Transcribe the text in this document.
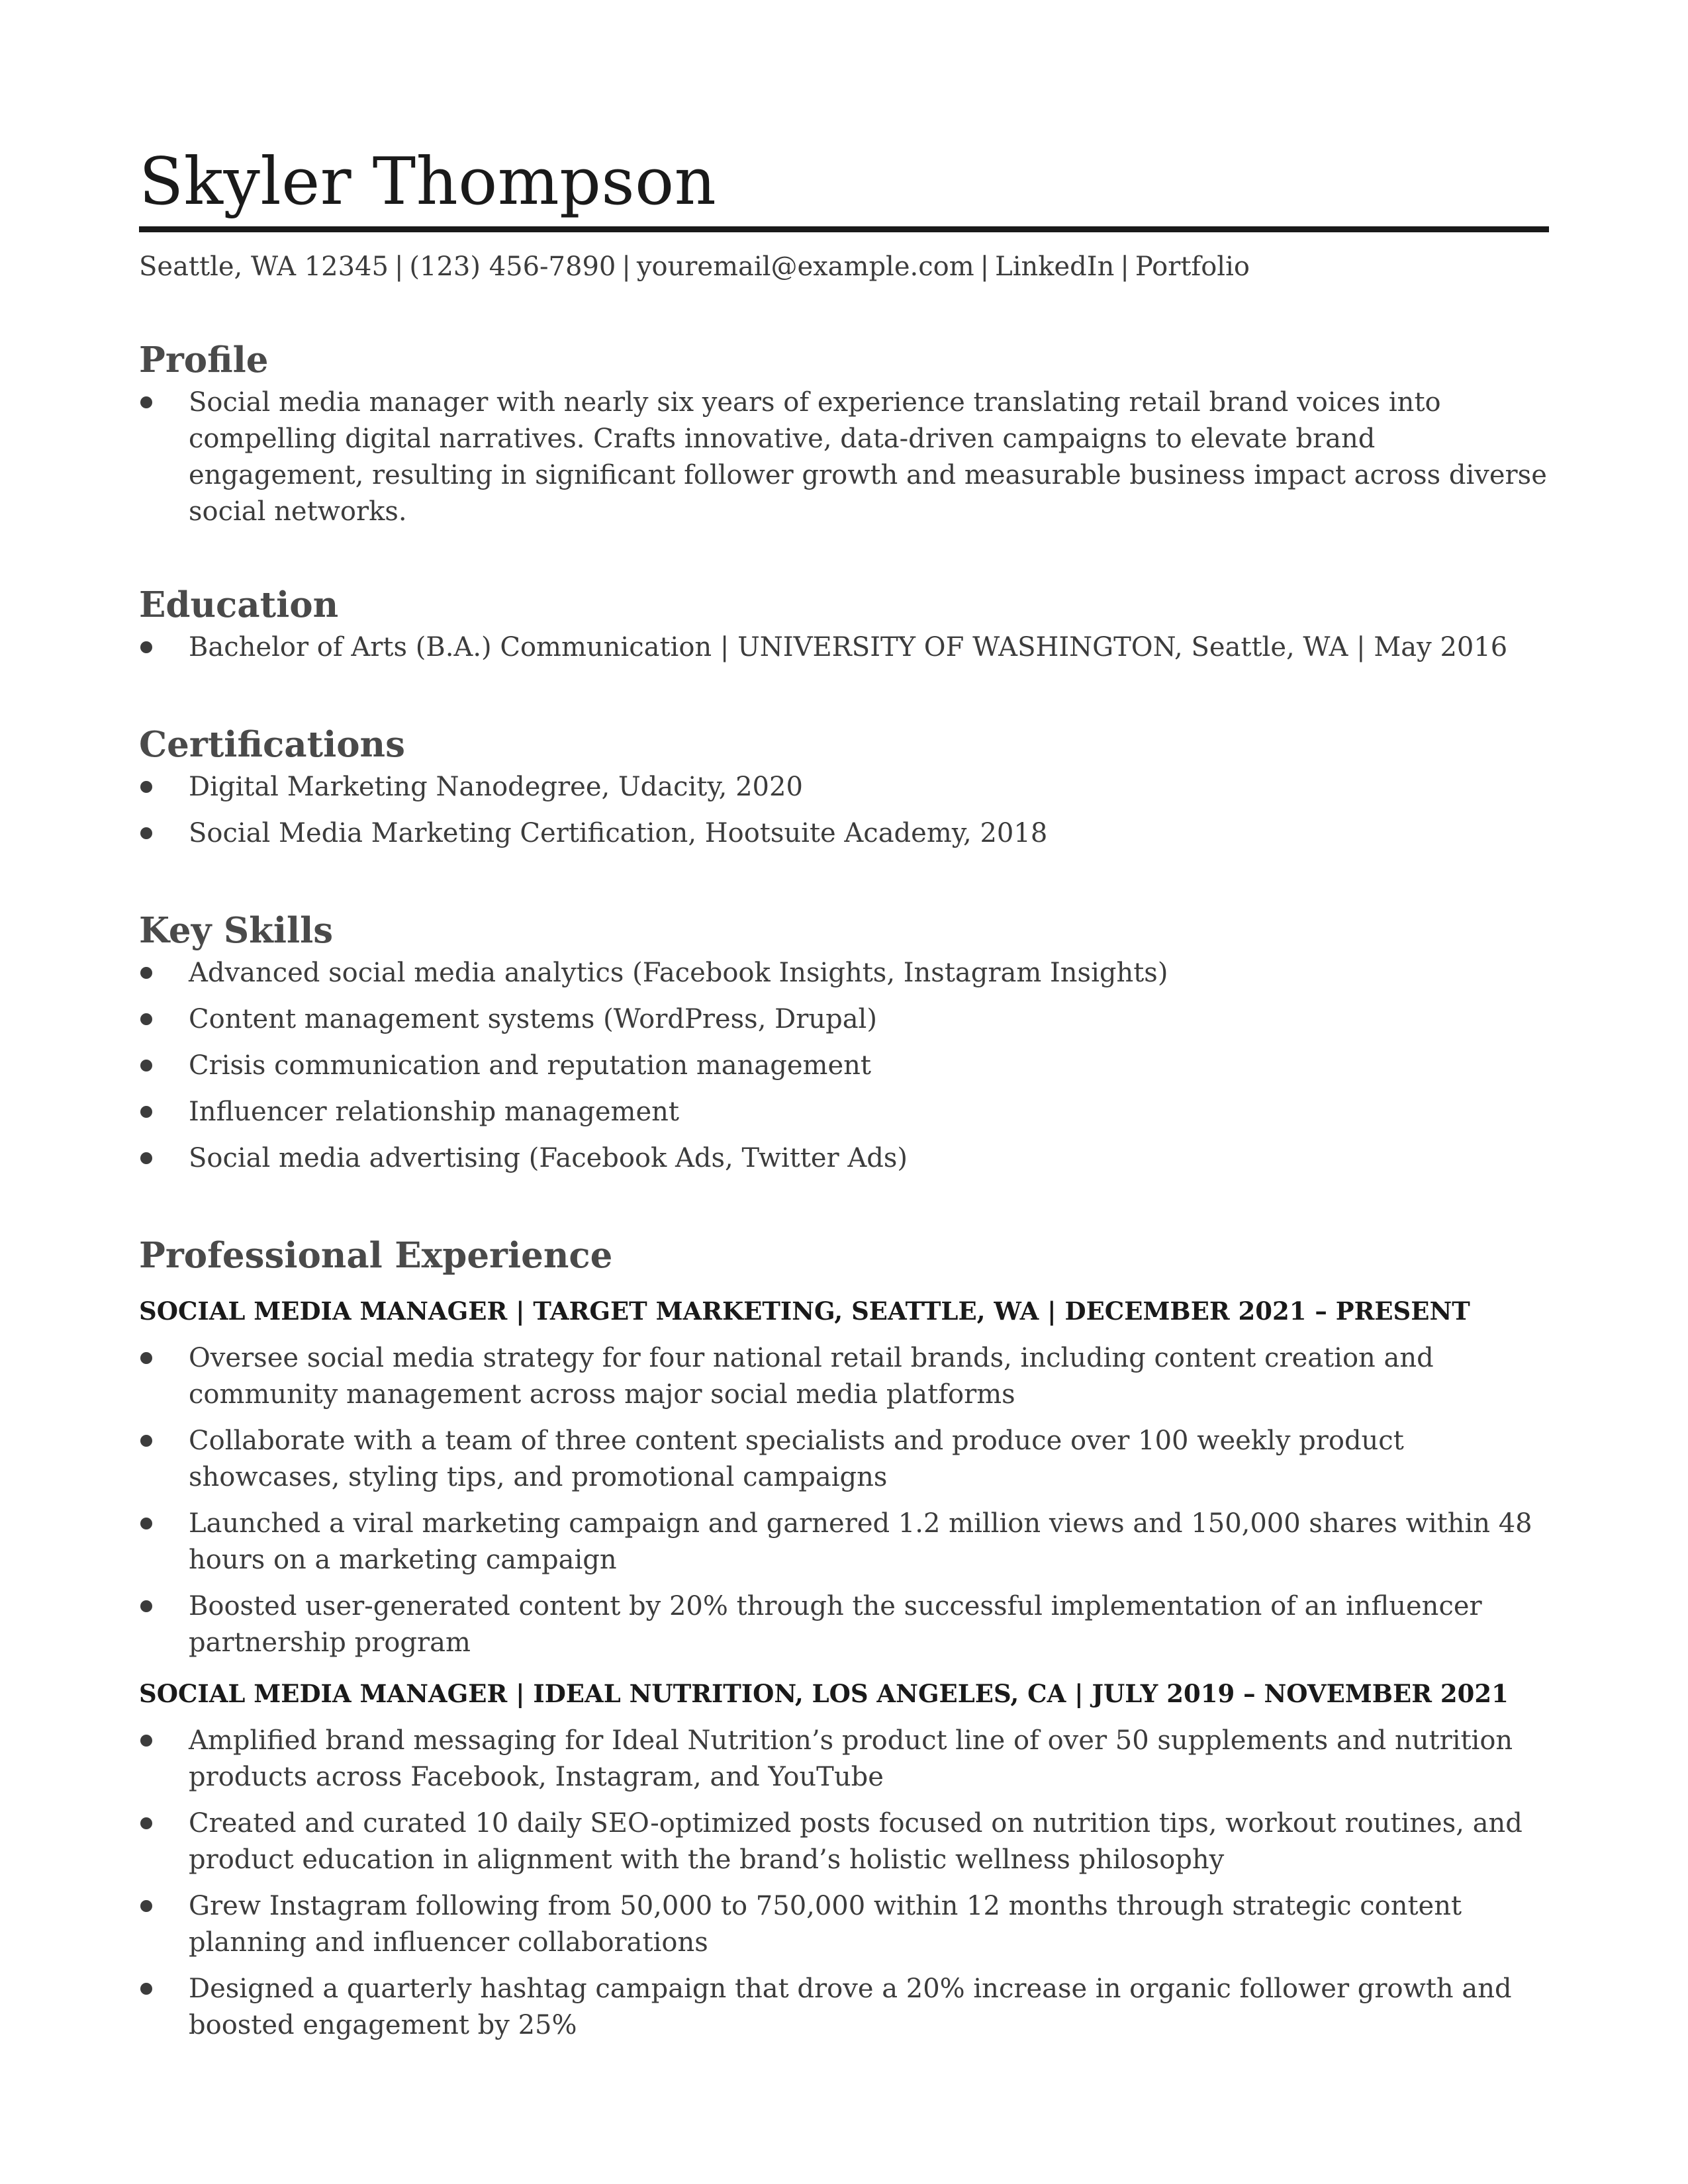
Skyler Thompson
Seattle, WA 12345 | (123) 456-7890 | youremail@example.com | LinkedIn | Portfolio
Profile
Social media manager with nearly six years of experience translating retail brand voices into compelling digital narratives. Crafts innovative, data-driven campaigns to elevate brand engagement, resulting in significant follower growth and measurable business impact across diverse social networks.
Education
Bachelor of Arts (B.A.) Communication | UNIVERSITY OF WASHINGTON, Seattle, WA | May 2016
Certifications
Digital Marketing Nanodegree, Udacity, 2020
Social Media Marketing Certification, Hootsuite Academy, 2018
Key Skills
Advanced social media analytics (Facebook Insights, Instagram Insights)
Content management systems (WordPress, Drupal)
Crisis communication and reputation management
Influencer relationship management
Social media advertising (Facebook Ads, Twitter Ads)
Professional Experience
SOCIAL MEDIA MANAGER | TARGET MARKETING, SEATTLE, WA | DECEMBER 2021 – PRESENT
Oversee social media strategy for four national retail brands, including content creation and community management across major social media platforms
Collaborate with a team of three content specialists and produce over 100 weekly product showcases, styling tips, and promotional campaigns
Launched a viral marketing campaign and garnered 1.2 million views and 150,000 shares within 48 hours on a marketing campaign
Boosted user-generated content by 20% through the successful implementation of an influencer partnership program
SOCIAL MEDIA MANAGER | IDEAL NUTRITION, LOS ANGELES, CA | JULY 2019 – NOVEMBER 2021
Amplified brand messaging for Ideal Nutrition’s product line of over 50 supplements and nutrition products across Facebook, Instagram, and YouTube
Created and curated 10 daily SEO-optimized posts focused on nutrition tips, workout routines, and product education in alignment with the brand’s holistic wellness philosophy
Grew Instagram following from 50,000 to 750,000 within 12 months through strategic content planning and influencer collaborations
Designed a quarterly hashtag campaign that drove a 20% increase in organic follower growth and boosted engagement by 25%
